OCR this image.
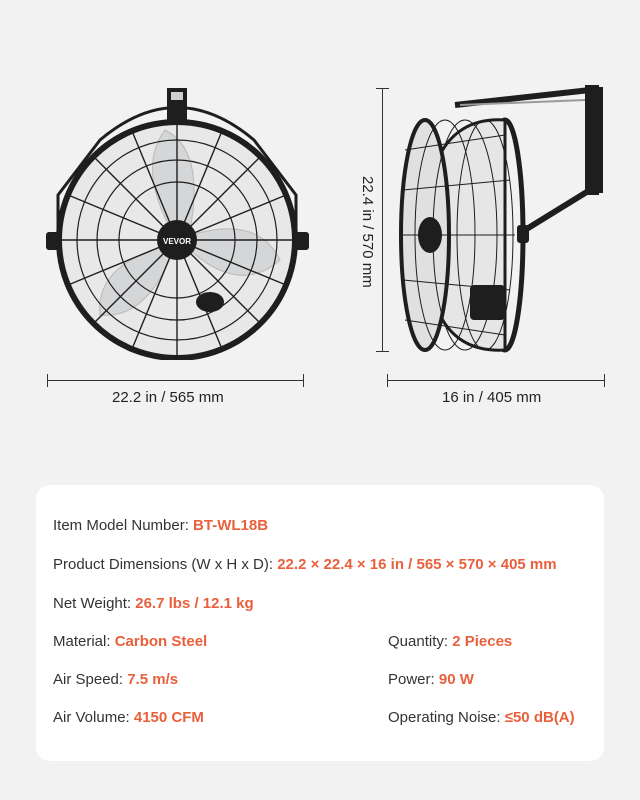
VEVOR
22.2 in / 565 mm
22.4 in / 570 mm
16 in / 405 mm
Item Model Number: BT-WL18B
Product Dimensions (W x H x D): 22.2 × 22.4 × 16 in / 565 × 570 × 405 mm
Net Weight: 26.7 lbs / 12.1 kg
Material: Carbon Steel	Quantity: 2 Pieces
Air Speed: 7.5 m/s	Power: 90 W
Air Volume: 4150 CFM	Operating Noise: ≤50 dB(A)
